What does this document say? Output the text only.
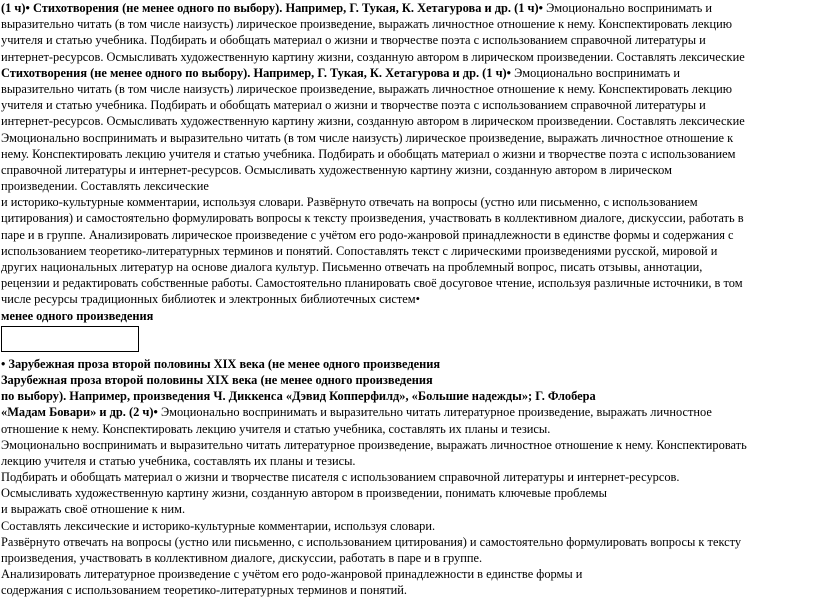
(1 ч)• Стихотворения (не менее одного по выбору). Например, Г. Тукая, К. Хетагурова и др. (1 ч)• Эмоционально воспринимать и
выразительно читать (в том числе наизусть) лирическое произведение, выражать личностное отношение к нему. Конспектировать лекцию
учителя и статью учебника. Подбирать и обобщать материал о жизни и творчестве поэта с использованием справочной литературы и
интернет-ресурсов. Осмысливать художественную картину жизни, созданную автором в лирическом произведении. Составлять лексические
Стихотворения (не менее одного по выбору). Например, Г. Тукая, К. Хетагурова и др. (1 ч)• Эмоционально воспринимать и
выразительно читать (в том числе наизусть) лирическое произведение, выражать личностное отношение к нему. Конспектировать лекцию
учителя и статью учебника. Подбирать и обобщать материал о жизни и творчестве поэта с использованием справочной литературы и
интернет-ресурсов. Осмысливать художественную картину жизни, созданную автором в лирическом произведении. Составлять лексические
Эмоционально воспринимать и выразительно читать (в том числе наизусть) лирическое произведение, выражать личностное отношение к
нему. Конспектировать лекцию учителя и статью учебника. Подбирать и обобщать материал о жизни и творчестве поэта с использованием
справочной литературы и интернет-ресурсов. Осмысливать художественную картину жизни, созданную автором в лирическом
произведении. Составлять лексические
и историко-культурные комментарии, используя словари. Развёрнуто отвечать на вопросы (устно или письменно, с использованием
цитирования) и самостоятельно формулировать вопросы к тексту произведения, участвовать в коллективном диалоге, дискуссии, работать в
паре и в группе. Анализировать лирическое произведение с учётом его родо-жанровой принадлежности в единстве формы и содержания с
использованием теоретико-литературных терминов и понятий. Сопоставлять текст с лирическими произведениями русской, мировой и
других национальных литератур на основе диалога культур. Письменно отвечать на проблемный вопрос, писать отзывы, аннотации,
рецензии и редактировать собственные работы. Самостоятельно планировать своё досуговое чтение, используя различные источники, в том
числе ресурсы традиционных библиотек и электронных библиотечных систем•
менее одного произведения
• Зарубежная проза второй половины XIX века (не менее одного произведения
Зарубежная проза второй половины XIX века (не менее одного произведения
по выбору). Например, произведения Ч. Диккенса «Дэвид Копперфилд», «Большие надежды»; Г. Флобера
«Мадам Бовари» и др. (2 ч)• Эмоционально воспринимать и выразительно читать литературное произведение, выражать личностное
отношение к нему. Конспектировать лекцию учителя и статью учебника, составлять их планы и тезисы.
Эмоционально воспринимать и выразительно читать литературное произведение, выражать личностное отношение к нему. Конспектировать
лекцию учителя и статью учебника, составлять их планы и тезисы.
Подбирать и обобщать материал о жизни и творчестве писателя с использованием справочной литературы и интернет-ресурсов.
Осмысливать художественную картину жизни, созданную автором в произведении, понимать ключевые проблемы
и выражать своё отношение к ним.
Составлять лексические и историко-культурные комментарии, используя словари.
Развёрнуто отвечать на вопросы (устно или письменно, с использованием цитирования) и самостоятельно формулировать вопросы к тексту
произведения, участвовать в коллективном диалоге, дискуссии, работать в паре и в группе.
Анализировать литературное произведение с учётом его родо-жанровой принадлежности в единстве формы и
содержания с использованием теоретико-литературных терминов и понятий.
